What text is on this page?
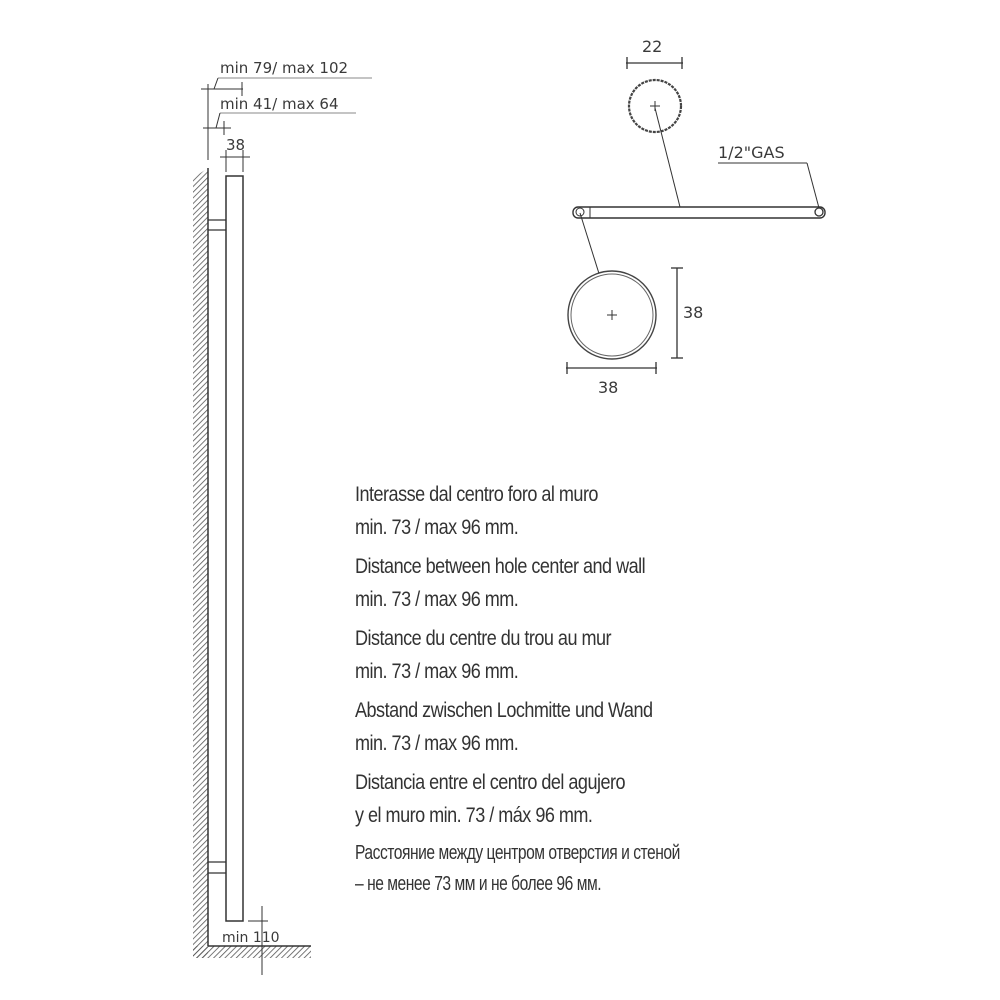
min 79/ max 102
min 41/ max 64
38
min 110
22
1/2"GAS
38
38
Interasse dal centro foro al muro
min. 73 / max 96 mm.
Distance between hole center and wall
min. 73 / max 96 mm.
Distance du centre du trou au mur
min. 73 / max 96 mm.
Abstand zwischen Lochmitte und Wand
min. 73 / max 96 mm.
Distancia entre el centro del agujero
y el muro min. 73 / máx 96 mm.
Расстояние между центром отверстия и стеной
– не менее 73 мм и не более 96 мм.
